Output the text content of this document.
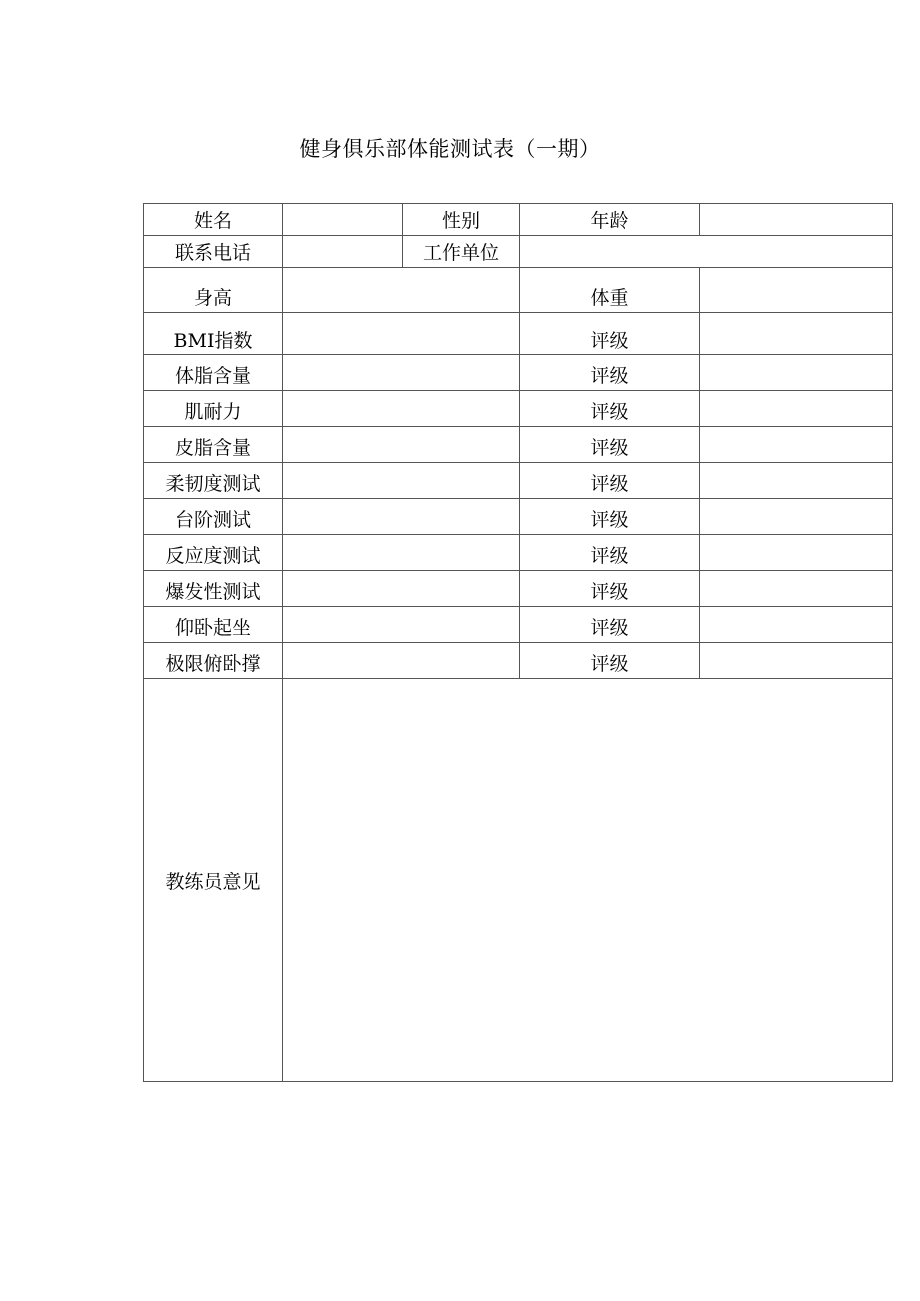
健身俱乐部体能测试表（一期）
姓名		性别	年龄	
联系电话		工作单位		
身高			体重	
BMI指数			评级	
体脂含量			评级	
肌耐力			评级	
皮脂含量			评级	
柔韧度测试			评级	
台阶测试			评级	
反应度测试			评级	
爆发性测试			评级	
仰卧起坐			评级	
极限俯卧撑			评级	
教练员意见				
